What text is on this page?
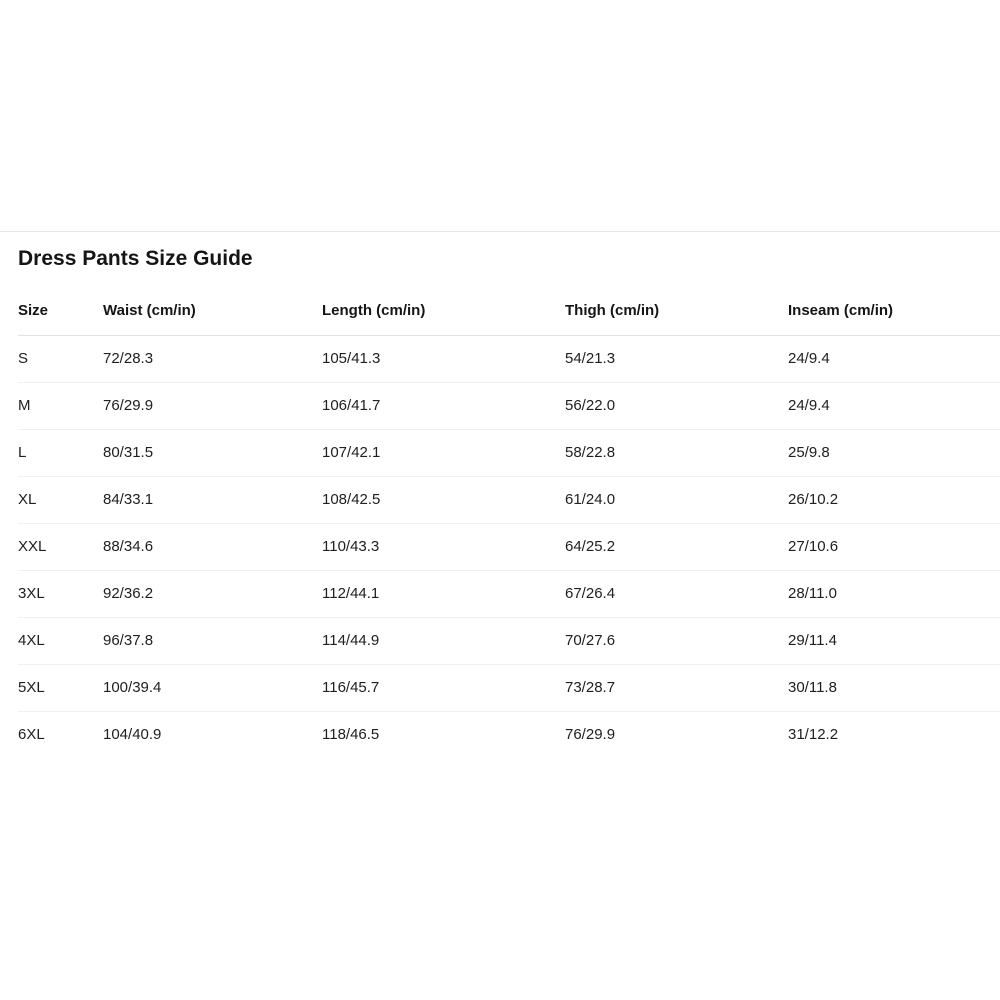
Dress Pants Size Guide
Size	Waist (cm/in)	Length (cm/in)	Thigh (cm/in)	Inseam (cm/in)
S	72/28.3	105/41.3	54/21.3	24/9.4
M	76/29.9	106/41.7	56/22.0	24/9.4
L	80/31.5	107/42.1	58/22.8	25/9.8
XL	84/33.1	108/42.5	61/24.0	26/10.2
XXL	88/34.6	110/43.3	64/25.2	27/10.6
3XL	92/36.2	112/44.1	67/26.4	28/11.0
4XL	96/37.8	114/44.9	70/27.6	29/11.4
5XL	100/39.4	116/45.7	73/28.7	30/11.8
6XL	104/40.9	118/46.5	76/29.9	31/12.2
